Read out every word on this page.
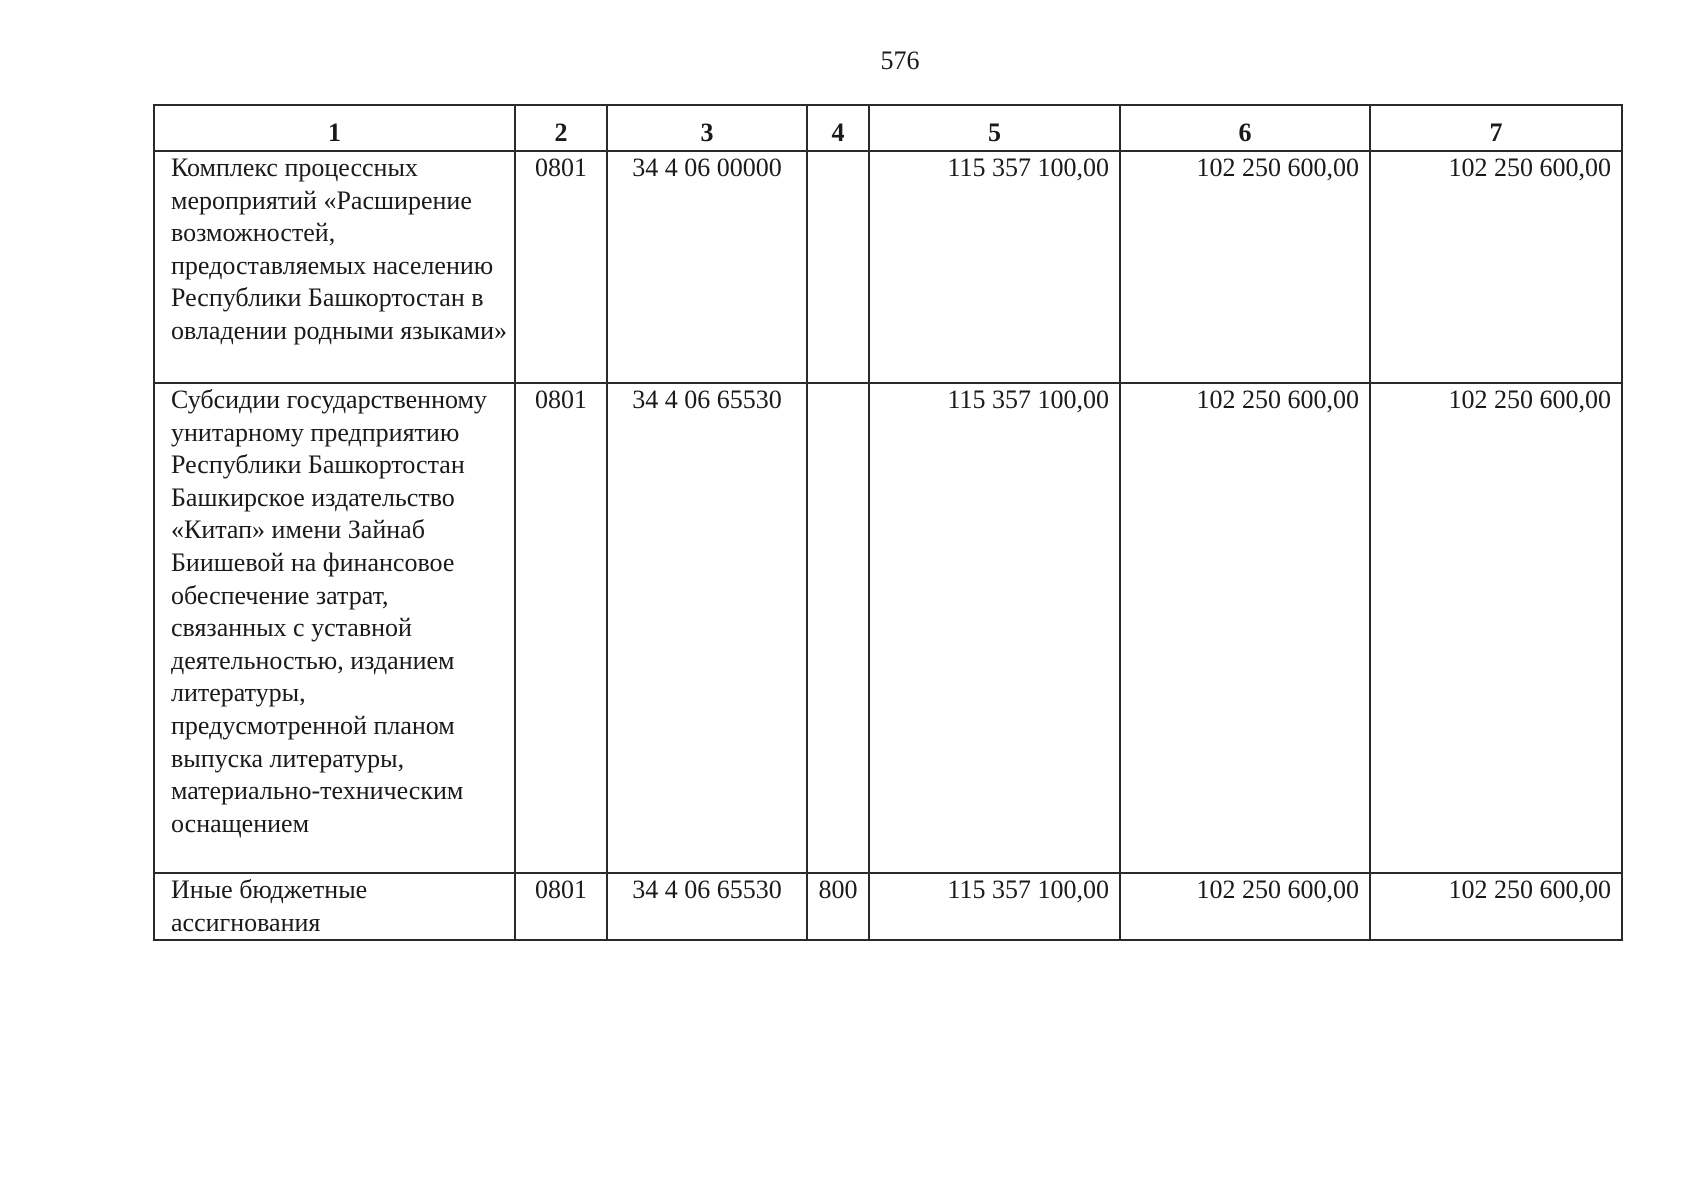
576
1	2	3	4	5	6	7
Комплекс процессных мероприятий «Расширение возможностей, предоставляемых населению Республики Башкортостан в овладении родными языками»	0801	34 4 06 00000		115 357 100,00	102 250 600,00	102 250 600,00
Субсидии государственному унитарному предприятию Республики Башкортостан Башкирское издательство «Китап» имени Зайнаб Биишевой на финансовое обеспечение затрат, связанных с уставной деятельностью, изданием литературы, предусмотренной планом выпуска литературы, материально-техническим оснащением	0801	34 4 06 65530		115 357 100,00	102 250 600,00	102 250 600,00
Иные бюджетные ассигнования	0801	34 4 06 65530	800	115 357 100,00	102 250 600,00	102 250 600,00
